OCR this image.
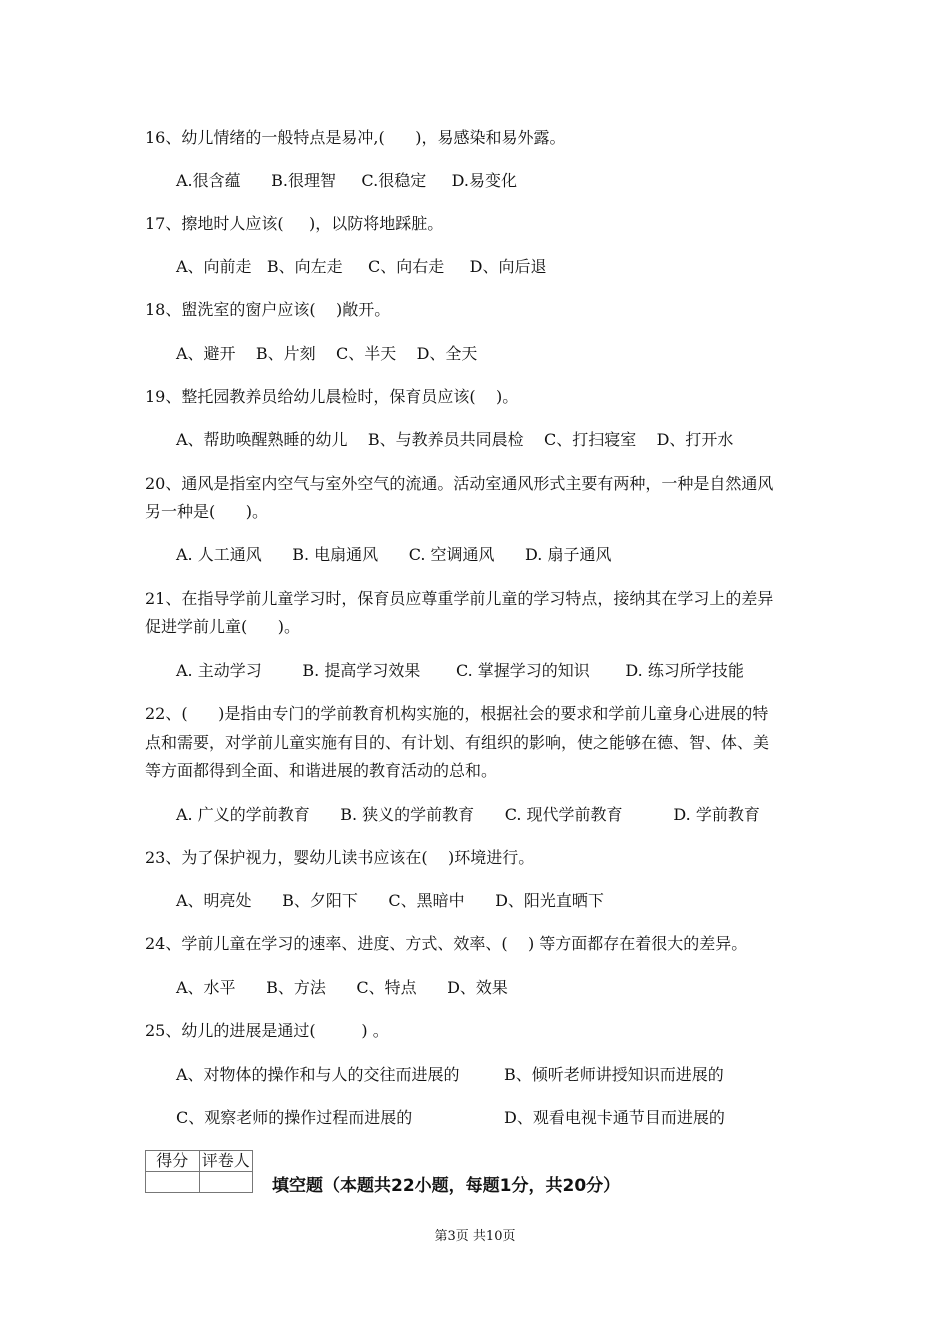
16、幼儿情绪的一般特点是易冲,(      )，易感染和易外露。
A.很含蕴      B.很理智     C.很稳定     D.易变化
17、擦地时人应该(     )，以防将地踩脏。
A、向前走   B、向左走     C、向右走     D、向后退
18、盥洗室的窗户应该(    )敞开。
A、避开    B、片刻    C、半天    D、全天
19、整托园教养员给幼儿晨检时，保育员应该(    )。
A、帮助唤醒熟睡的幼儿    B、与教养员共同晨检    C、打扫寝室    D、打开水
20、通风是指室内空气与室外空气的流通。活动室通风形式主要有两种，一种是自然通风
另一种是(      )。
A. 人工通风      B. 电扇通风      C. 空调通风      D. 扇子通风
21、在指导学前儿童学习时，保育员应尊重学前儿童的学习特点，接纳其在学习上的差异
促进学前儿童(      )。
A. 主动学习        B. 提高学习效果       C. 掌握学习的知识       D. 练习所学技能
22、(      )是指由专门的学前教育机构实施的，根据社会的要求和学前儿童身心进展的特
点和需要，对学前儿童实施有目的、有计划、有组织的影响，使之能够在德、智、体、美
等方面都得到全面、和谐进展的教育活动的总和。
A. 广义的学前教育      B. 狭义的学前教育      C. 现代学前教育          D. 学前教育
23、为了保护视力，婴幼儿读书应该在(    )环境进行。
A、明亮处      B、夕阳下      C、黑暗中      D、阳光直晒下
24、学前儿童在学习的速率、进度、方式、效率、(    ) 等方面都存在着很大的差异。
A、水平      B、方法      C、特点      D、效果
25、幼儿的进展是通过(         ) 。
A、对物体的操作和与人的交往而进展的	B、倾听老师讲授知识而进展的
C、观察老师的操作过程而进展的	D、观看电视卡通节目而进展的
得分	评卷人

填空题（本题共22小题，每题1分，共20分）
第3页 共10页
